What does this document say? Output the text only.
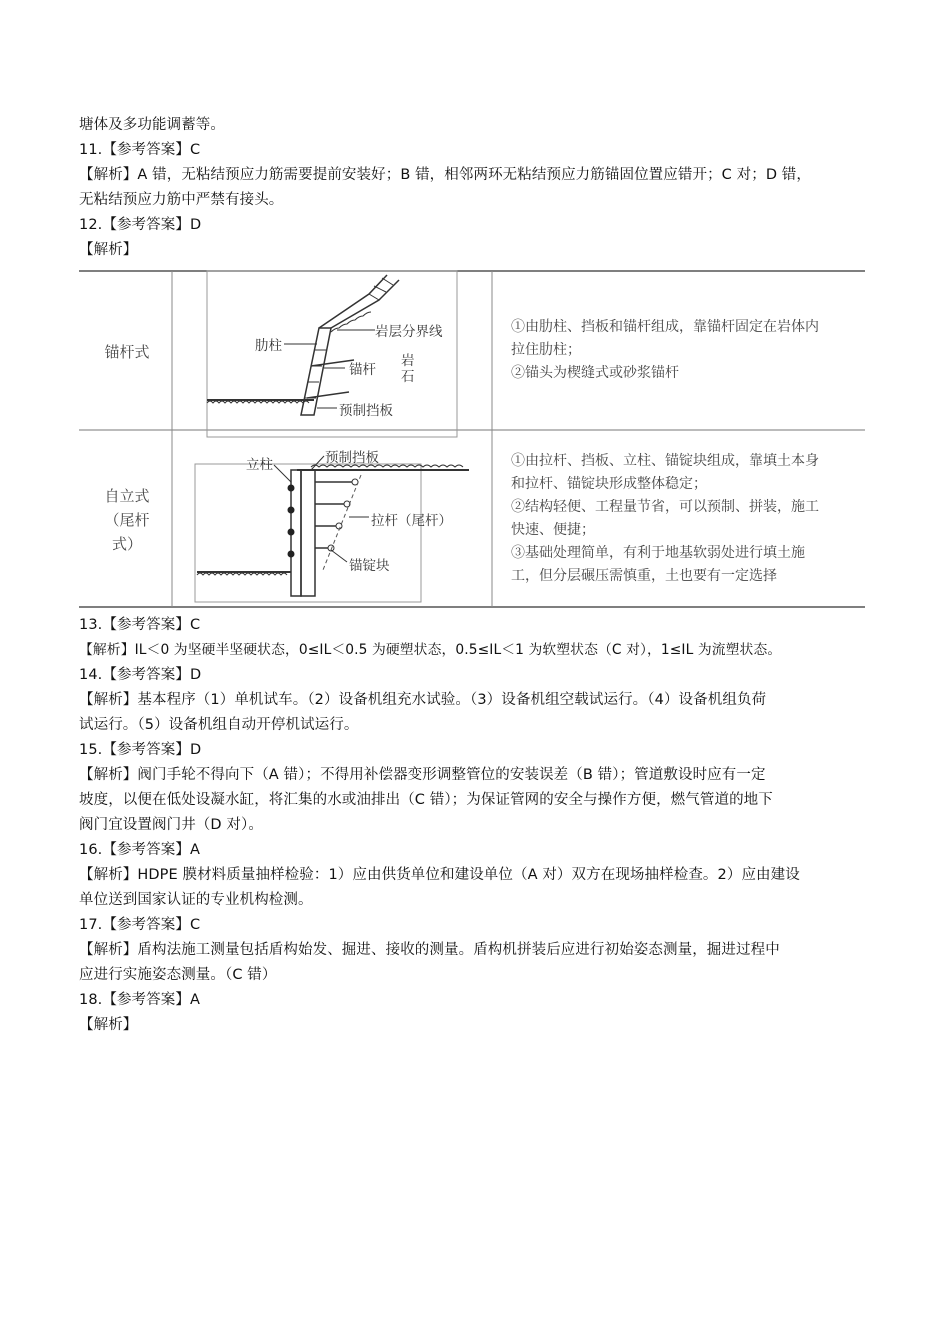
塘体及多功能调蓄等。
11.【参考答案】C
【解析】A 错，无粘结预应力筋需要提前安装好；B 错，相邻两环无粘结预应力筋锚固位置应错开；C 对；D 错，
无粘结预应力筋中严禁有接头。
12.【参考答案】D
【解析】
锚杆式
自立式
（尾杆
式）
肋柱
岩层分界线
锚杆
岩
石
预制挡板
立柱	预制挡板
拉杆（尾杆）
锚锭块
①由肋柱、挡板和锚杆组成，靠锚杆固定在岩体内
拉住肋柱；
②锚头为楔缝式或砂浆锚杆
①由拉杆、挡板、立柱、锚锭块组成，靠填土本身
和拉杆、锚锭块形成整体稳定；
②结构轻便、工程量节省，可以预制、拼装，施工
快速、便捷；
③基础处理简单，有利于地基软弱处进行填土施
工，但分层碾压需慎重，土也要有一定选择
13.【参考答案】C
【解析】IL＜0 为坚硬半坚硬状态，0≤IL＜0.5 为硬塑状态，0.5≤IL＜1 为软塑状态（C 对），1≤IL 为流塑状态。
14.【参考答案】D
【解析】基本程序（1）单机试车。（2）设备机组充水试验。（3）设备机组空载试运行。（4）设备机组负荷
试运行。（5）设备机组自动开停机试运行。
15.【参考答案】D
【解析】阀门手轮不得向下（A 错）；不得用补偿器变形调整管位的安装误差（B 错）；管道敷设时应有一定
坡度，以便在低处设凝水缸，将汇集的水或油排出（C 错）；为保证管网的安全与操作方便，燃气管道的地下
阀门宜设置阀门井（D 对）。
16.【参考答案】A
【解析】HDPE 膜材料质量抽样检验：1）应由供货单位和建设单位（A 对）双方在现场抽样检查。2）应由建设
单位送到国家认证的专业机构检测。
17.【参考答案】C
【解析】盾构法施工测量包括盾构始发、掘进、接收的测量。盾构机拼装后应进行初始姿态测量，掘进过程中
应进行实施姿态测量。（C 错）
18.【参考答案】A
【解析】
